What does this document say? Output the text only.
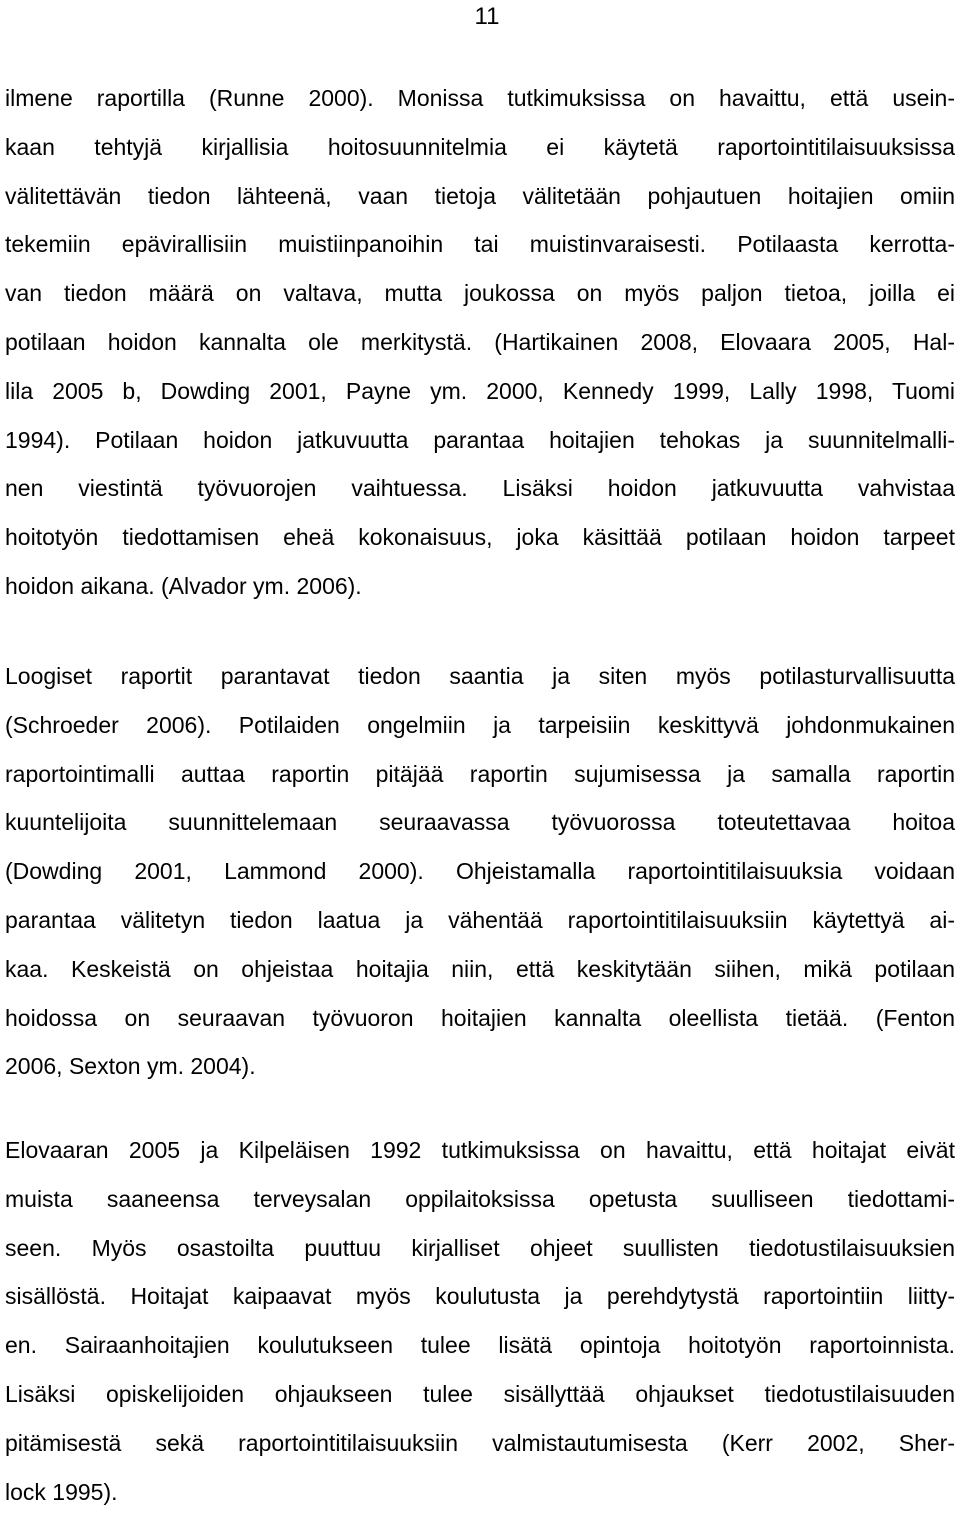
11
ilmene raportilla (Runne 2000). Monissa tutkimuksissa on havaittu, että usein-
kaan tehtyjä kirjallisia hoitosuunnitelmia ei käytetä raportointitilaisuuksissa
välitettävän tiedon lähteenä, vaan tietoja välitetään pohjautuen hoitajien omiin
tekemiin epävirallisiin muistiinpanoihin tai muistinvaraisesti. Potilaasta kerrotta-
van tiedon määrä on valtava, mutta joukossa on myös paljon tietoa, joilla ei
potilaan hoidon kannalta ole merkitystä. (Hartikainen 2008, Elovaara 2005, Hal-
lila 2005 b, Dowding 2001, Payne ym. 2000, Kennedy 1999, Lally 1998, Tuomi
1994). Potilaan hoidon jatkuvuutta parantaa hoitajien tehokas ja suunnitelmalli-
nen viestintä työvuorojen vaihtuessa. Lisäksi hoidon jatkuvuutta vahvistaa
hoitotyön tiedottamisen eheä kokonaisuus, joka käsittää potilaan hoidon tarpeet
hoidon aikana. (Alvador ym. 2006).
Loogiset raportit parantavat tiedon saantia ja siten myös potilasturvallisuutta
(Schroeder 2006). Potilaiden ongelmiin ja tarpeisiin keskittyvä johdonmukainen
raportointimalli auttaa raportin pitäjää raportin sujumisessa ja samalla raportin
kuuntelijoita suunnittelemaan seuraavassa työvuorossa toteutettavaa hoitoa
(Dowding 2001, Lammond 2000). Ohjeistamalla raportointitilaisuuksia voidaan
parantaa välitetyn tiedon laatua ja vähentää raportointitilaisuuksiin käytettyä ai-
kaa. Keskeistä on ohjeistaa hoitajia niin, että keskitytään siihen, mikä potilaan
hoidossa on seuraavan työvuoron hoitajien kannalta oleellista tietää. (Fenton
2006, Sexton ym. 2004).
Elovaaran 2005 ja Kilpeläisen 1992 tutkimuksissa on havaittu, että hoitajat eivät
muista saaneensa terveysalan oppilaitoksissa opetusta suulliseen tiedottami-
seen. Myös osastoilta puuttuu kirjalliset ohjeet suullisten tiedotustilaisuuksien
sisällöstä. Hoitajat kaipaavat myös koulutusta ja perehdytystä raportointiin liitty-
en. Sairaanhoitajien koulutukseen tulee lisätä opintoja hoitotyön raportoinnista.
Lisäksi opiskelijoiden ohjaukseen tulee sisällyttää ohjaukset tiedotustilaisuuden
pitämisestä sekä raportointitilaisuuksiin valmistautumisesta (Kerr 2002, Sher-
lock 1995).
